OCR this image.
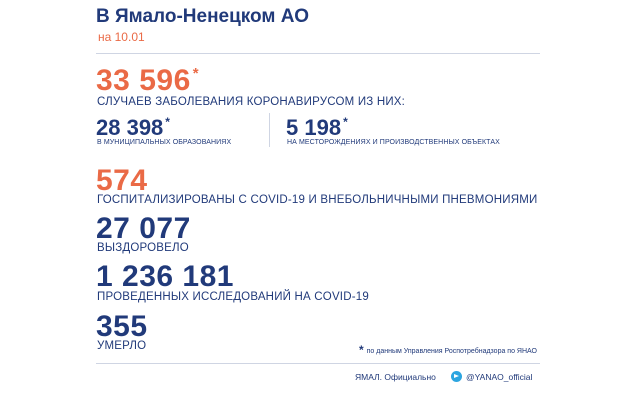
В Ямало-Ненецком АО
на 10.01
33 596 *
СЛУЧАЕВ ЗАБОЛЕВАНИЯ КОРОНАВИРУСОМ ИЗ НИХ:
28 398 *
В МУНИЦИПАЛЬНЫХ ОБРАЗОВАНИЯХ
5 198 *
НА МЕСТОРОЖДЕНИЯХ И ПРОИЗВОДСТВЕННЫХ ОБЪЕКТАХ
574
ГОСПИТАЛИЗИРОВАНЫ С COVID-19 И ВНЕБОЛЬНИЧНЫМИ ПНЕВМОНИЯМИ
27 077
ВЫЗДОРОВЕЛО
1 236 181
ПРОВЕДЕННЫХ ИССЛЕДОВАНИЙ НА COVID-19
355
УМЕРЛО	* по данным Управления Роспотребнадзора по ЯНАО
ЯМАЛ. Официально	@YANAO_official
